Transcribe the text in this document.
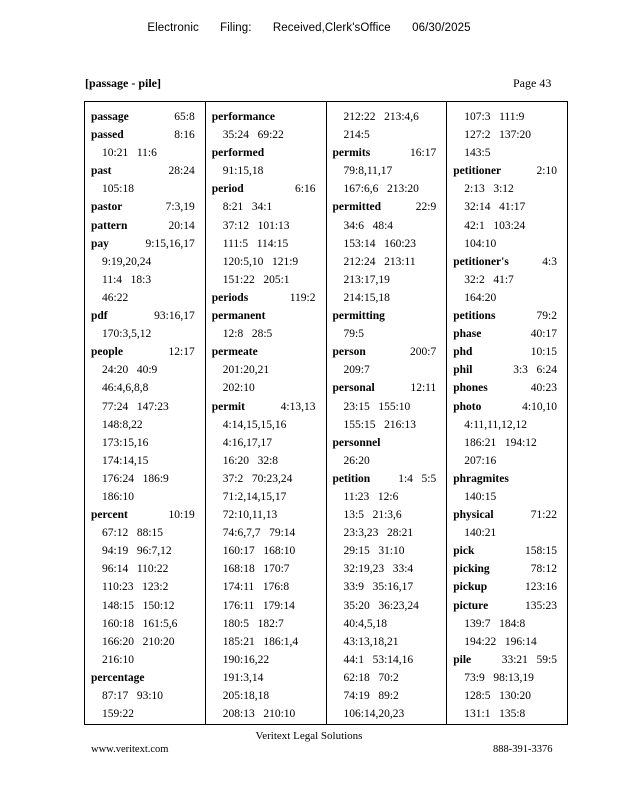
Electronic Filing: Received,Clerk'sOffice 06/30/2025
[passage - pile]	Page 43
passage	65:8
passed	8:16
10:21   11:6
past	28:24
105:18
pastor	7:3,19
pattern	20:14
pay	9:15,16,17
9:19,20,24
11:4   18:3
46:22
pdf	93:16,17
170:3,5,12
people	12:17
24:20   40:9
46:4,6,8,8
77:24   147:23
148:8,22
173:15,16
174:14,15
176:24   186:9
186:10
percent	10:19
67:12   88:15
94:19   96:7,12
96:14   110:22
110:23   123:2
148:15   150:12
160:18   161:5,6
166:20   210:20
216:10
percentage
87:17   93:10
159:22
performance
35:24   69:22
performed
91:15,18
period	6:16
8:21   34:1
37:12   101:13
111:5   114:15
120:5,10   121:9
151:22   205:1
periods	119:2
permanent
12:8   28:5
permeate
201:20,21
202:10
permit	4:13,13
4:14,15,15,16
4:16,17,17
16:20   32:8
37:2   70:23,24
71:2,14,15,17
72:10,11,13
74:6,7,7   79:14
160:17   168:10
168:18   170:7
174:11   176:8
176:11   179:14
180:5   182:7
185:21   186:1,4
190:16,22
191:3,14
205:18,18
208:13   210:10
212:22   213:4,6
214:5
permits	16:17
79:8,11,17
167:6,6   213:20
permitted	22:9
34:6   48:4
153:14   160:23
212:24   213:11
213:17,19
214:15,18
permitting
79:5
person	200:7
209:7
personal	12:11
23:15   155:10
155:15   216:13
personnel
26:20
petition 1:4   5:5
11:23   12:6
13:5   21:3,6
23:3,23   28:21
29:15   31:10
32:19,23   33:4
33:9   35:16,17
35:20   36:23,24
40:4,5,18
43:13,18,21
44:1   53:14,16
62:18   70:2
74:19   89:2
106:14,20,23
107:3   111:9
127:2   137:20
143:5
petitioner	2:10
2:13   3:12
32:14   41:17
42:1   103:24
104:10
petitioner's	4:3
32:2   41:7
164:20
petitions	79:2
phase	40:17
phd	10:15
phil	3:3   6:24
phones	40:23
photo	4:10,10
4:11,11,12,12
186:21   194:12
207:16
phragmites
140:15
physical	71:22
140:21
pick	158:15
picking	78:12
pickup	123:16
picture	135:23
139:7   184:8
194:22   196:14
pile	33:21   59:5
73:9   98:13,19
128:5   130:20
131:1   135:8
Veritext Legal Solutions
www.veritext.com	888-391-3376
